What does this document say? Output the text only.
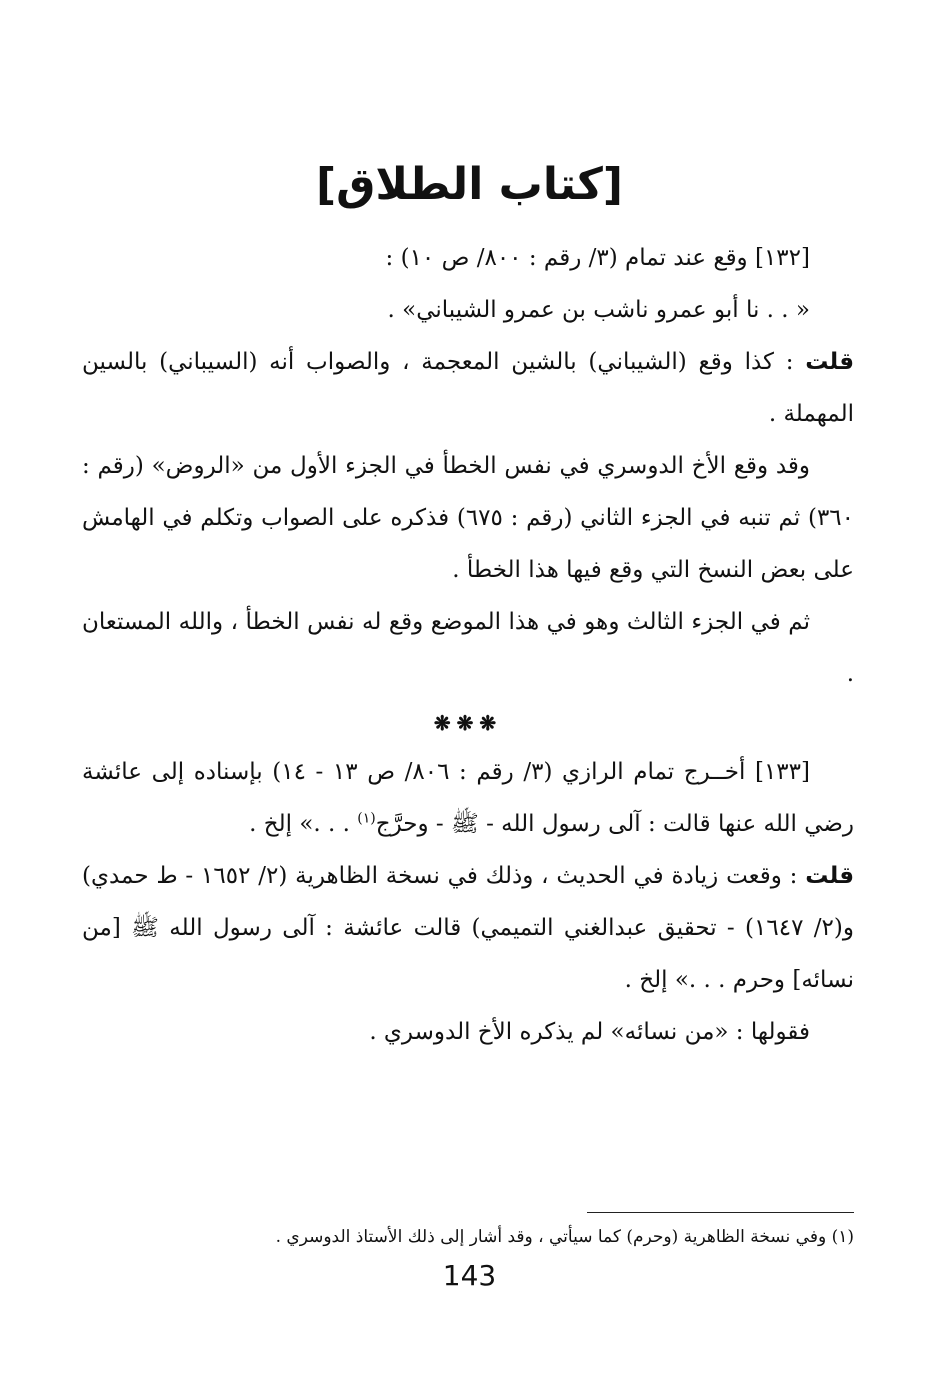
[كتاب الطلاق]

[١٣٢] وقع عند تمام (٣/ رقم : ٨٠٠/ ص ١٠) :

« . . نا أبو عمرو ناشب بن عمرو الشيباني» .

قلت : كذا وقع (الشيباني) بالشين المعجمة ، والصواب أنه (السيباني) بالسين المهملة .

وقد وقع الأخ الدوسري في نفس الخطأ في الجزء الأول من «الروض» (رقم : ٣٦٠) ثم تنبه في الجزء الثاني (رقم : ٦٧٥) فذكره على الصواب وتكلم في الهامش على بعض النسخ التي وقع فيها هذا الخطأ .

ثم في الجزء الثالث وهو في هذا الموضع وقع له نفس الخطأ ، والله المستعان .

❋❋❋

[١٣٣] أخــرج تمام الرازي (٣/ رقم : ٨٠٦/ ص ١٣ - ١٤) بإسناده إلى عائشة رضي الله عنها قالت : آلى رسول الله - ﷺ - وحرَّج$^{(١)}$ . . .» إلخ .

قلت : وقعت زيادة في الحديث ، وذلك في نسخة الظاهرية (٢/ ١٦٥٢ - ط حمدي) و(٢/ ١٦٤٧) - تحقيق عبدالغني التميمي) قالت عائشة : آلى رسول الله ﷺ [من نسائه] وحرم . . .» إلخ .

فقولها : «من نسائه» لم يذكره الأخ الدوسري .

(١) وفي نسخة الظاهرية (وحرم) كما سيأتي ، وقد أشار إلى ذلك الأستاذ الدوسري .
143
